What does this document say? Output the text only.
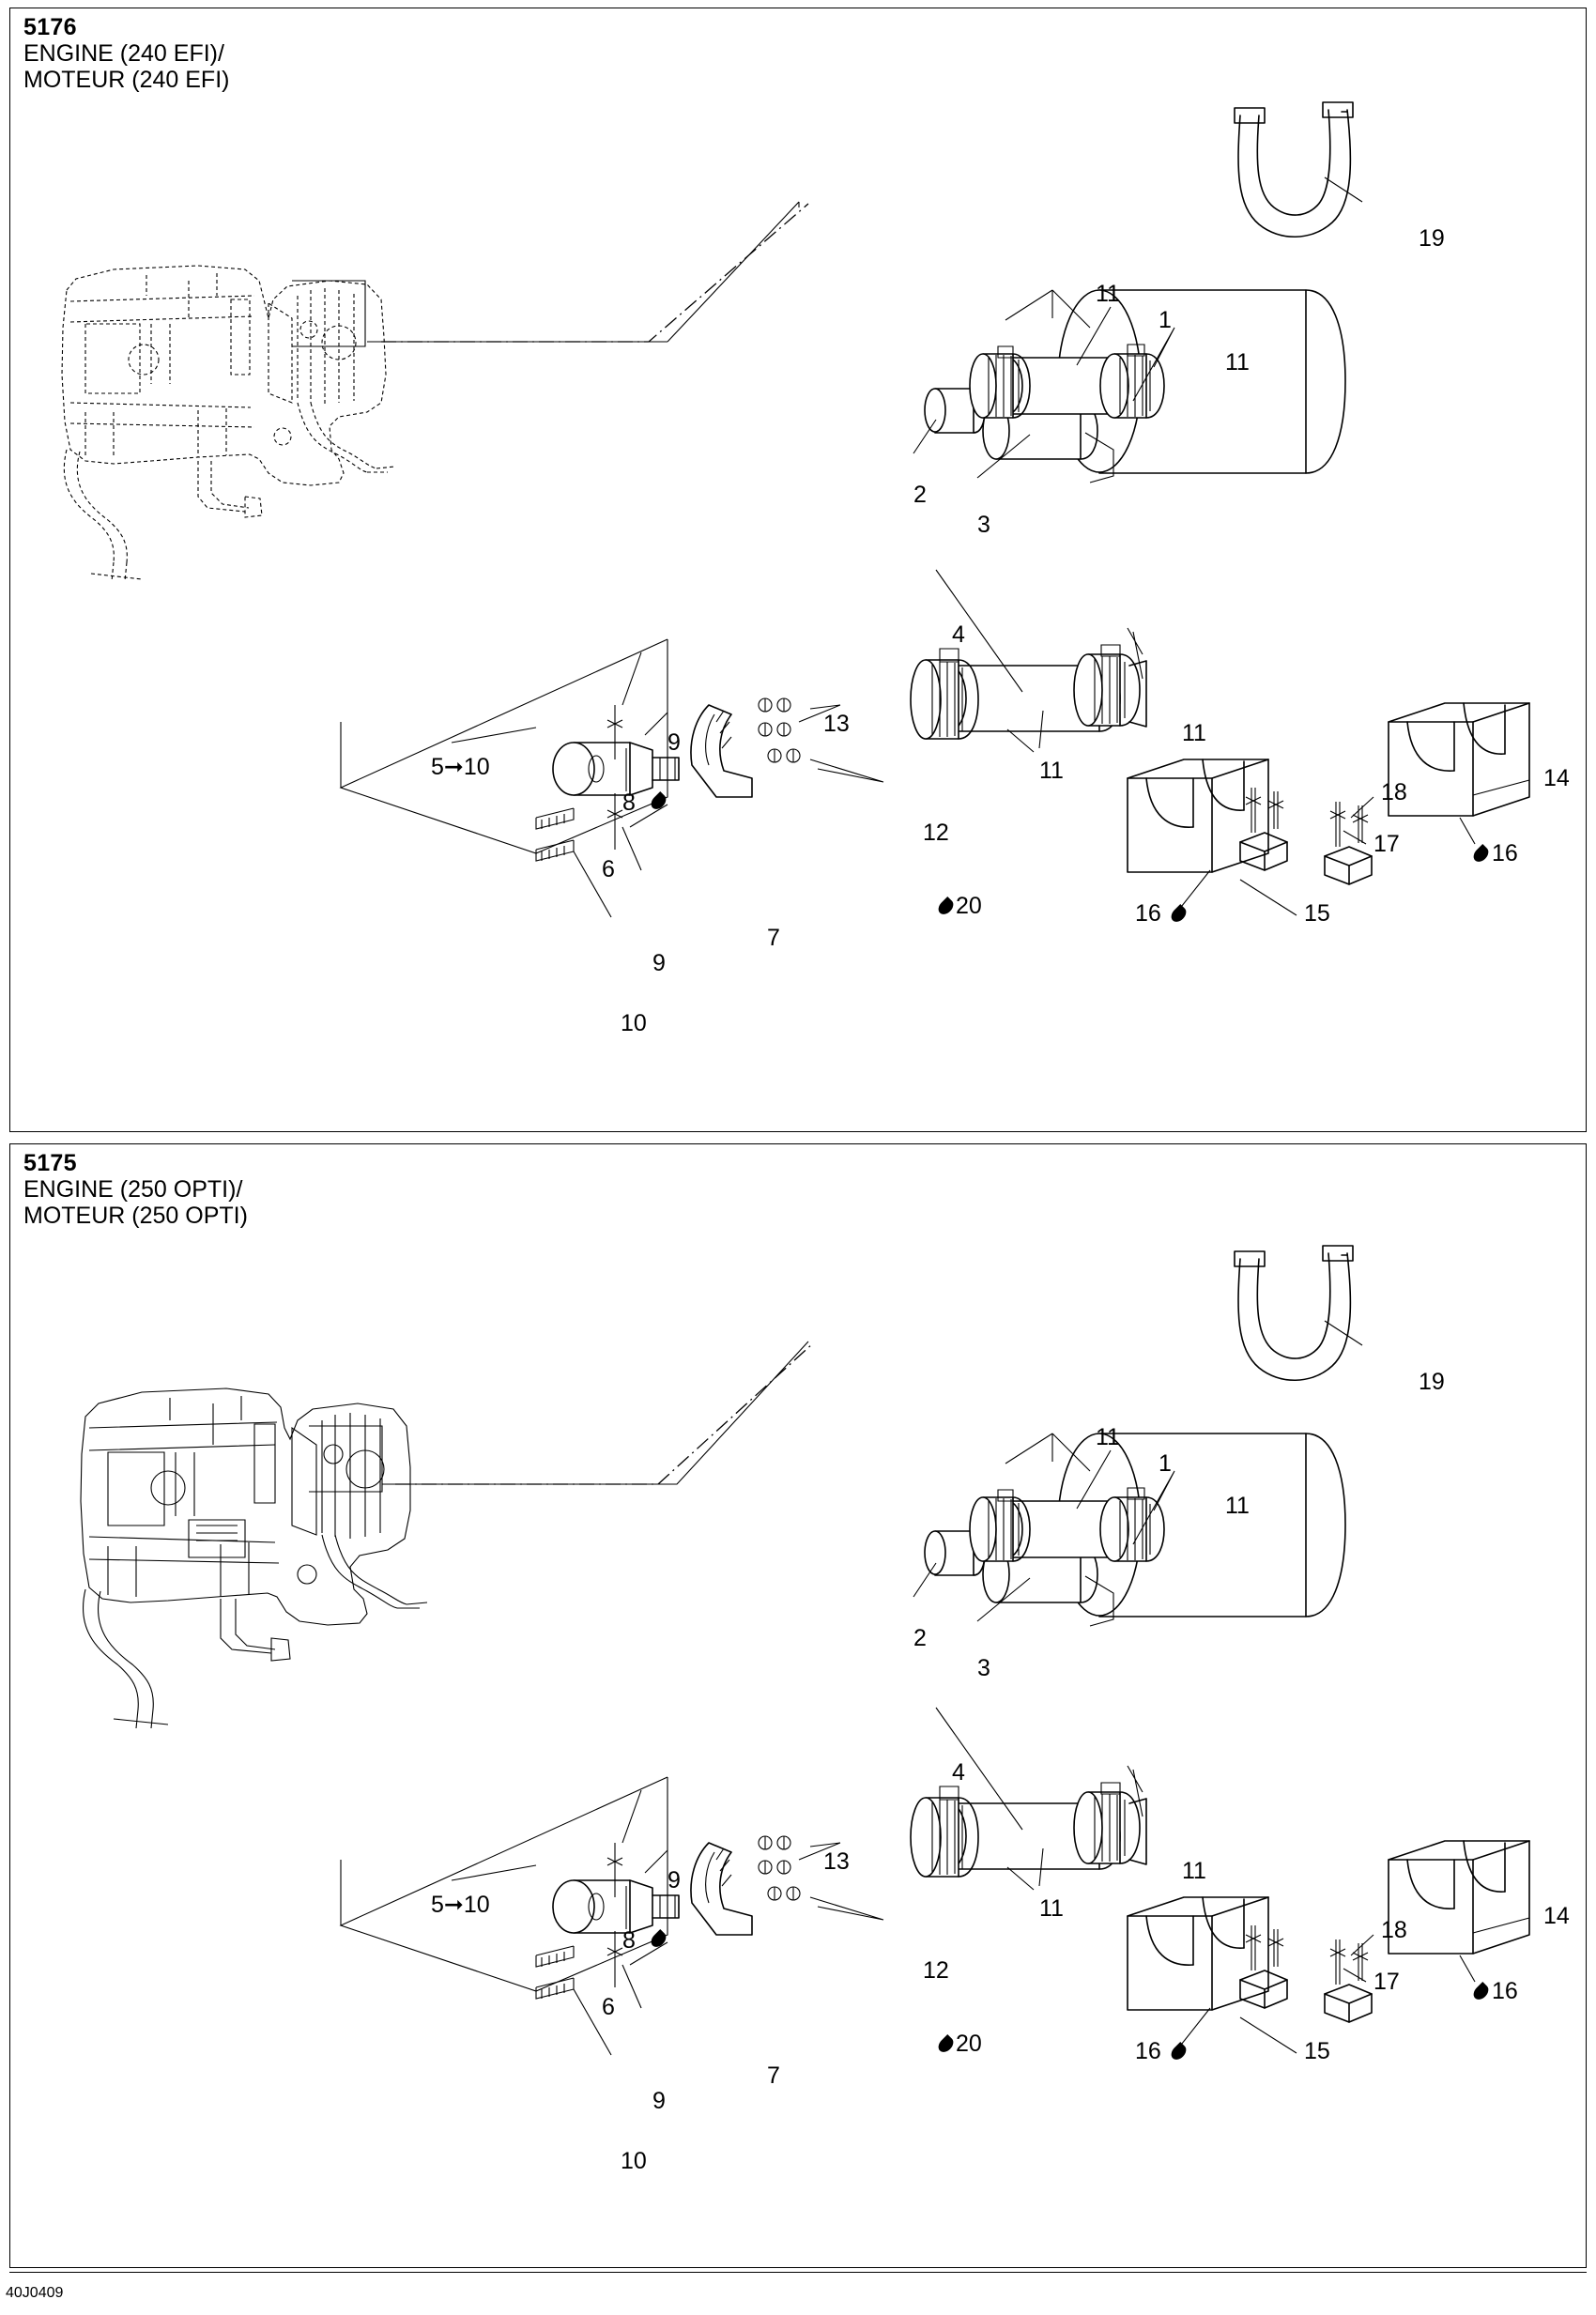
5176
ENGINE (240 EFI)/
MOTEUR (240 EFI)
19
11
1
11
2
3
4
11
11
13
12
5➞10
9
8
6
7
9
10
20
14
16
18
17
15
16
5175
ENGINE (250 OPTI)/
MOTEUR (250 OPTI)
19
11
1
11
2
3
4
11
11
13
12
5➞10
9
8
6
7
9
10
20
14
16
18
17
15
16
40J0409
